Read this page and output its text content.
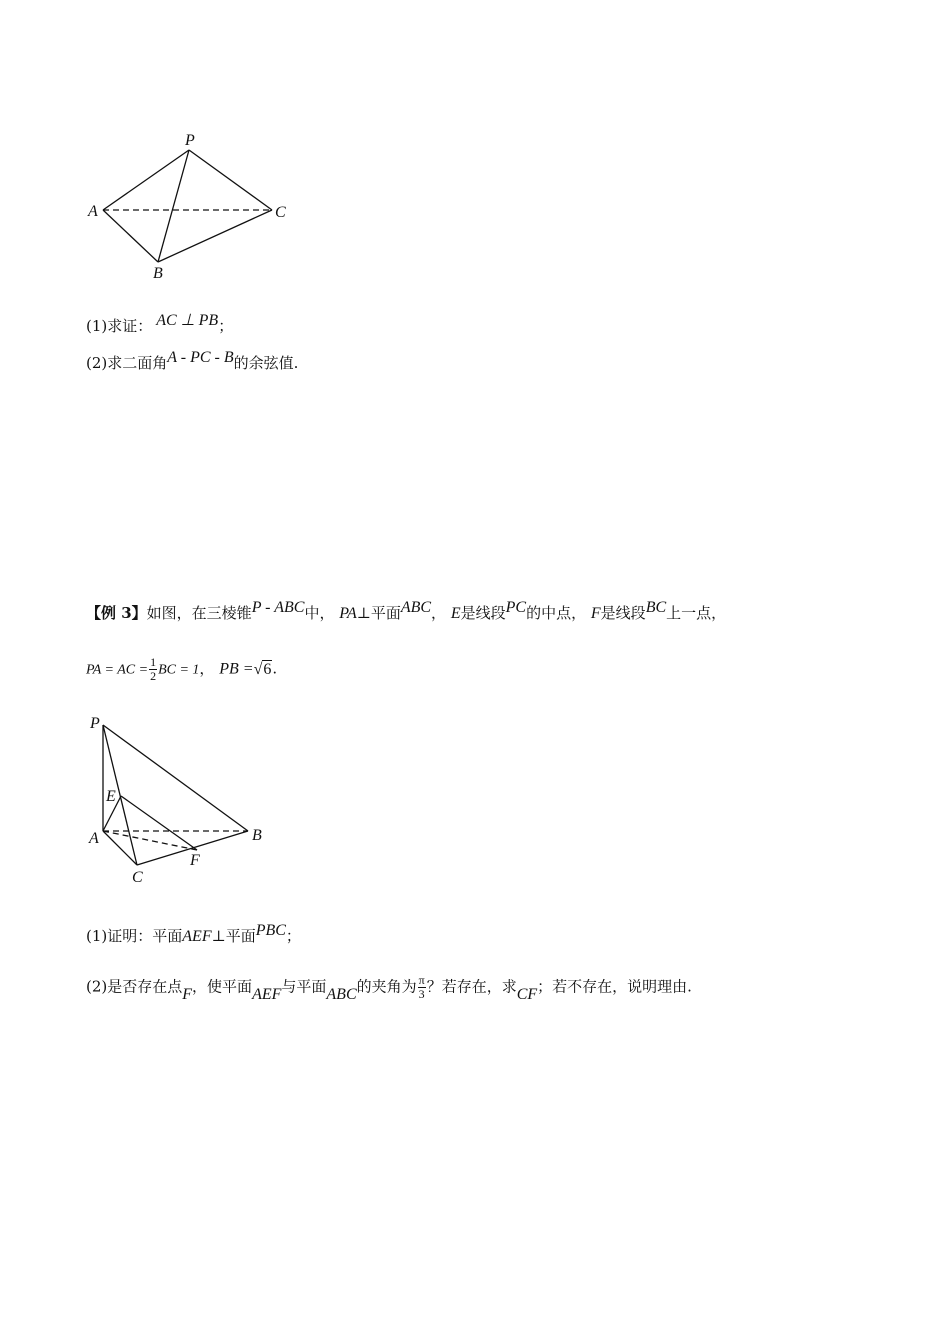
P
A	C
B
(1)求证： AC ⊥ PB；
(2)求二面角A - PC - B的余弦值.
【例 3】如图，在三棱锥P - ABC中， PA⊥平面ABC， E是线段PC的中点， F是线段BC上一点，
PA = AC = $\frac{1}{2}$ BC = 1， PB =√6.
P
E
A	B
F
C
(1)证明：平面AEF⊥平面PBC；
(2)是否存在点F，使平面AEF与平面ABC的夹角为 $\frac{\pi}{3}$ ？若存在，求CF；若不存在，说明理由.
